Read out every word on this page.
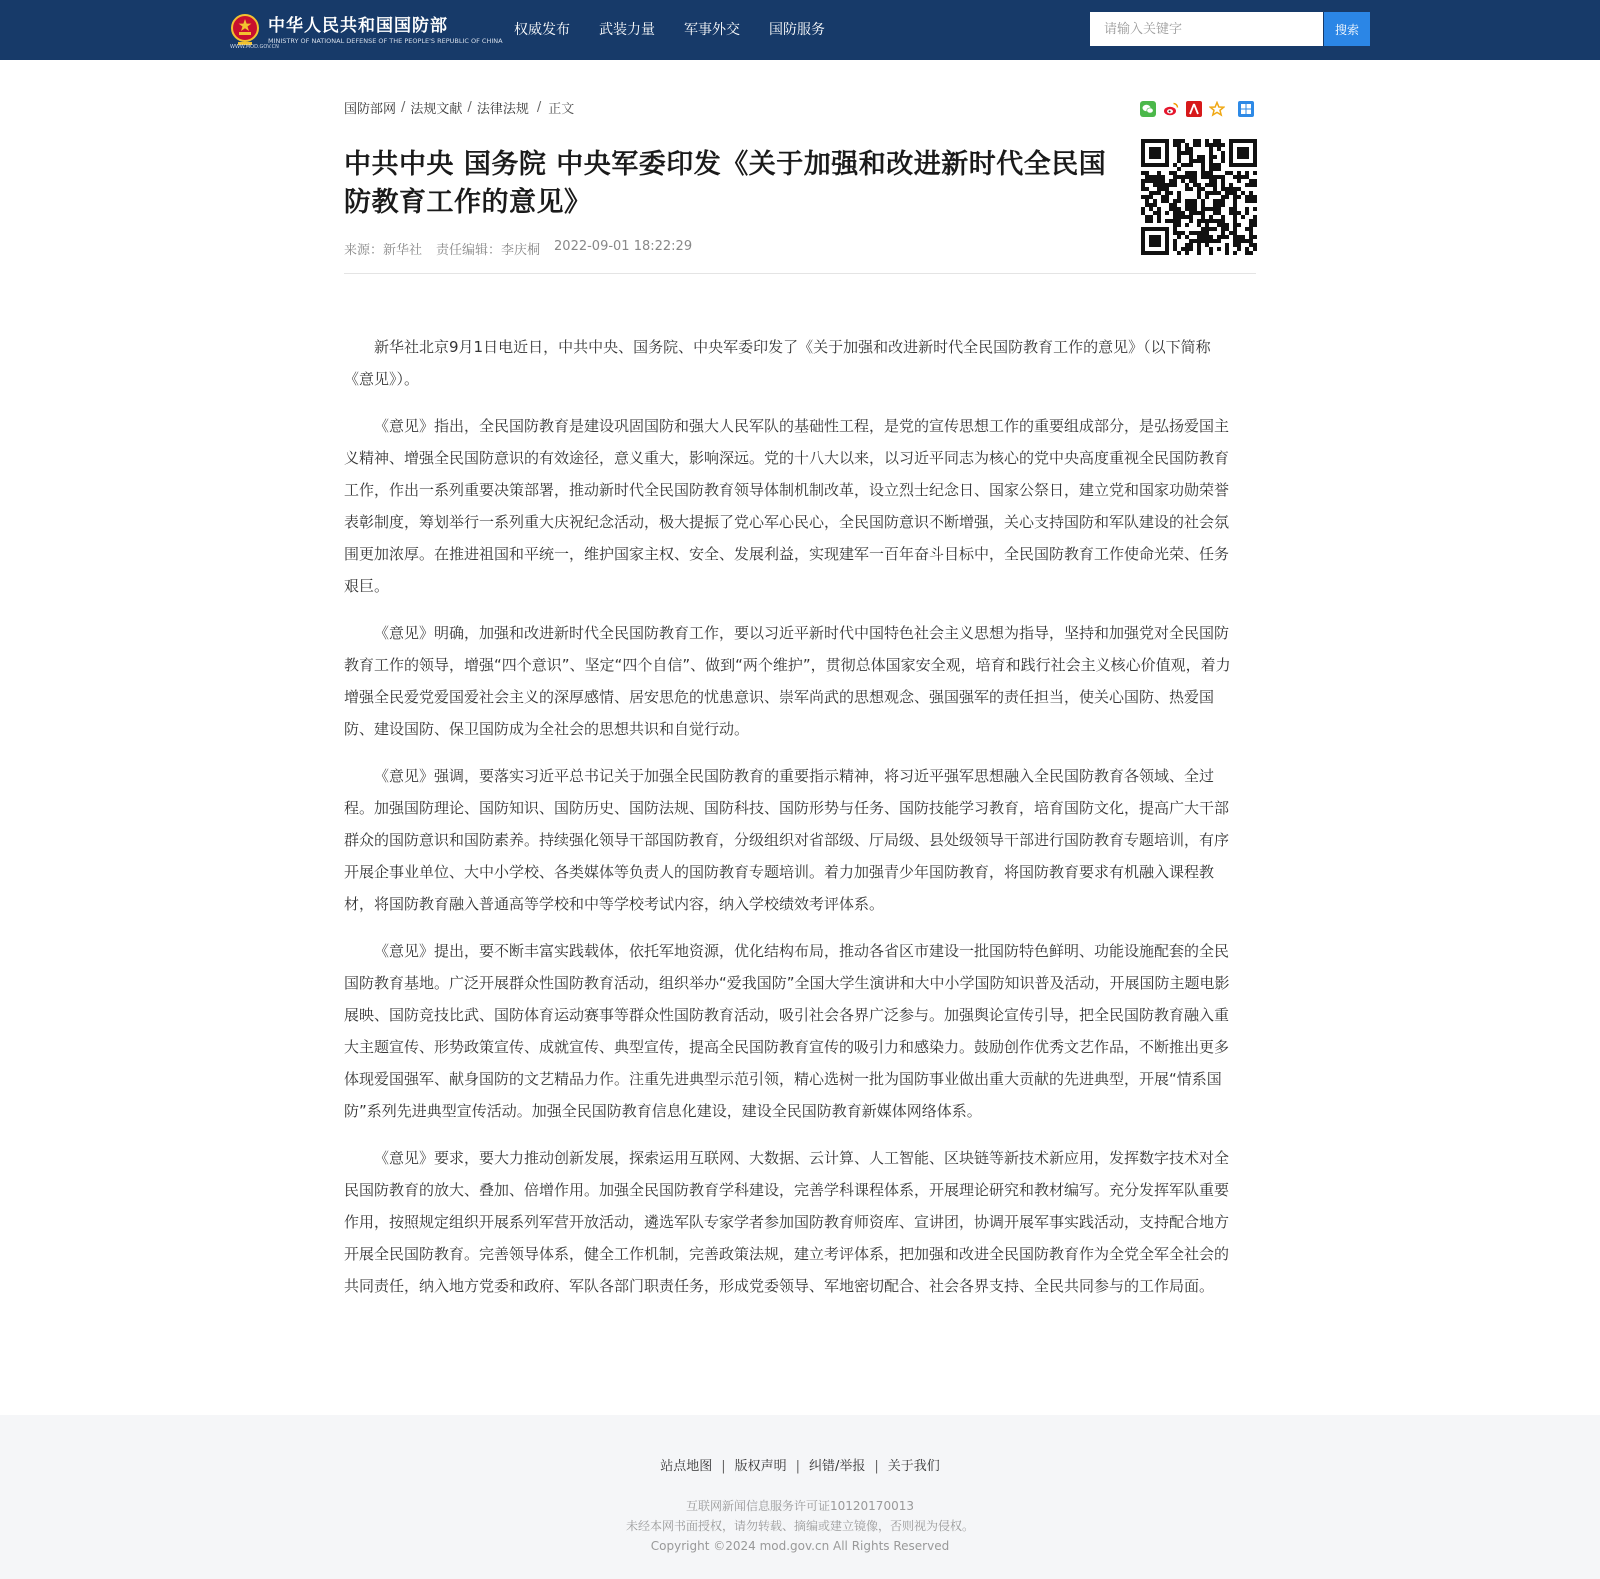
中华人民共和国国防部
MINISTRY OF NATIONAL DEFENSE OF THE PEOPLE'S REPUBLIC OF CHINA
WWW.MOD.GOV.CN
权威发布 武装力量 军事外交 国防服务
请输入关键字	搜索
国防部网 / 法规文献 / 法律法规 / 正文
中共中央 国务院 中央军委印发《关于加强和改进新时代全民国防教育工作的意见》
来源：新华社 责任编辑：李庆桐 2022-09-01 18:22:29

新华社北京9月1日电近日，中共中央、国务院、中央军委印发了《关于加强和改进新时代全民国防教育工作的意见》（以下简称《意见》）。

《意见》指出，全民国防教育是建设巩固国防和强大人民军队的基础性工程，是党的宣传思想工作的重要组成部分，是弘扬爱国主义精神、增强全民国防意识的有效途径，意义重大，影响深远。党的十八大以来，以习近平同志为核心的党中央高度重视全民国防教育工作，作出一系列重要决策部署，推动新时代全民国防教育领导体制机制改革，设立烈士纪念日、国家公祭日，建立党和国家功勋荣誉表彰制度，筹划举行一系列重大庆祝纪念活动，极大提振了党心军心民心，全民国防意识不断增强，关心支持国防和军队建设的社会氛围更加浓厚。在推进祖国和平统一，维护国家主权、安全、发展利益，实现建军一百年奋斗目标中，全民国防教育工作使命光荣、任务艰巨。

《意见》明确，加强和改进新时代全民国防教育工作，要以习近平新时代中国特色社会主义思想为指导，坚持和加强党对全民国防教育工作的领导，增强“四个意识”、坚定“四个自信”、做到“两个维护”，贯彻总体国家安全观，培育和践行社会主义核心价值观，着力增强全民爱党爱国爱社会主义的深厚感情、居安思危的忧患意识、崇军尚武的思想观念、强国强军的责任担当，使关心国防、热爱国防、建设国防、保卫国防成为全社会的思想共识和自觉行动。

《意见》强调，要落实习近平总书记关于加强全民国防教育的重要指示精神，将习近平强军思想融入全民国防教育各领域、全过程。加强国防理论、国防知识、国防历史、国防法规、国防科技、国防形势与任务、国防技能学习教育，培育国防文化，提高广大干部群众的国防意识和国防素养。持续强化领导干部国防教育，分级组织对省部级、厅局级、县处级领导干部进行国防教育专题培训，有序开展企事业单位、大中小学校、各类媒体等负责人的国防教育专题培训。着力加强青少年国防教育，将国防教育要求有机融入课程教材，将国防教育融入普通高等学校和中等学校考试内容，纳入学校绩效考评体系。

《意见》提出，要不断丰富实践载体，依托军地资源，优化结构布局，推动各省区市建设一批国防特色鲜明、功能设施配套的全民国防教育基地。广泛开展群众性国防教育活动，组织举办“爱我国防”全国大学生演讲和大中小学国防知识普及活动，开展国防主题电影展映、国防竞技比武、国防体育运动赛事等群众性国防教育活动，吸引社会各界广泛参与。加强舆论宣传引导，把全民国防教育融入重大主题宣传、形势政策宣传、成就宣传、典型宣传，提高全民国防教育宣传的吸引力和感染力。鼓励创作优秀文艺作品，不断推出更多体现爱国强军、献身国防的文艺精品力作。注重先进典型示范引领，精心选树一批为国防事业做出重大贡献的先进典型，开展“情系国防”系列先进典型宣传活动。加强全民国防教育信息化建设，建设全民国防教育新媒体网络体系。

《意见》要求，要大力推动创新发展，探索运用互联网、大数据、云计算、人工智能、区块链等新技术新应用，发挥数字技术对全民国防教育的放大、叠加、倍增作用。加强全民国防教育学科建设，完善学科课程体系，开展理论研究和教材编写。充分发挥军队重要作用，按照规定组织开展系列军营开放活动，遴选军队专家学者参加国防教育师资库、宣讲团，协调开展军事实践活动，支持配合地方开展全民国防教育。完善领导体系，健全工作机制，完善政策法规，建立考评体系，把加强和改进全民国防教育作为全党全军全社会的共同责任，纳入地方党委和政府、军队各部门职责任务，形成党委领导、军地密切配合、社会各界支持、全民共同参与的工作局面。

站点地图 | 版权声明 | 纠错/举报 | 关于我们
互联网新闻信息服务许可证10120170013
未经本网书面授权，请勿转载、摘编或建立镜像，否则视为侵权。
Copyright ©2024 mod.gov.cn All Rights Reserved
